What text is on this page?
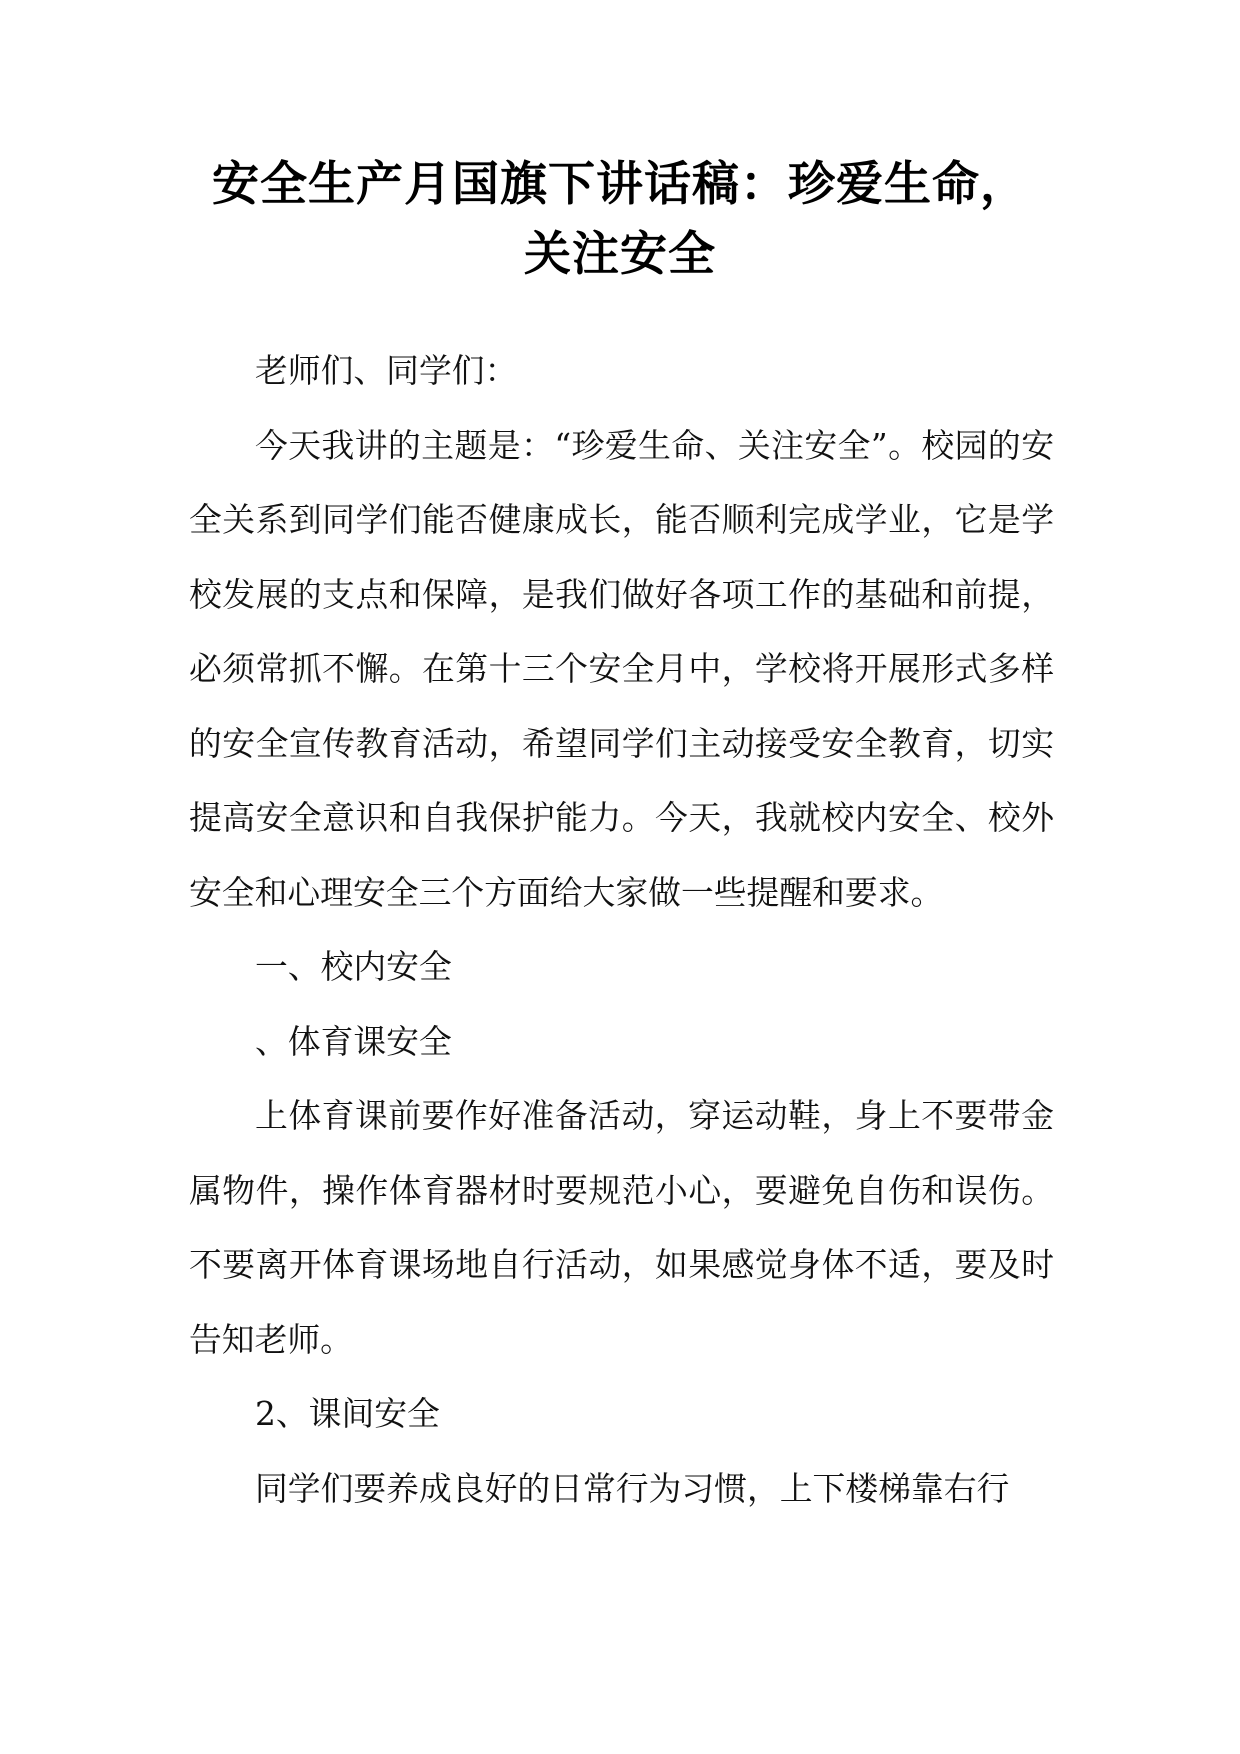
安全生产月国旗下讲话稿：珍爱生命，
关注安全

老师们、同学们：

今天我讲的主题是：“珍爱生命、关注安全”。校园的安全关系到同学们能否健康成长，能否顺利完成学业，它是学校发展的支点和保障，是我们做好各项工作的基础和前提，必须常抓不懈。在第十三个安全月中，学校将开展形式多样的安全宣传教育活动，希望同学们主动接受安全教育，切实提高安全意识和自我保护能力。今天，我就校内安全、校外安全和心理安全三个方面给大家做一些提醒和要求。

一、校内安全

、体育课安全

上体育课前要作好准备活动，穿运动鞋，身上不要带金属物件，操作体育器材时要规范小心，要避免自伤和误伤。不要离开体育课场地自行活动，如果感觉身体不适，要及时告知老师。

2、课间安全

同学们要养成良好的日常行为习惯，上下楼梯靠右行
